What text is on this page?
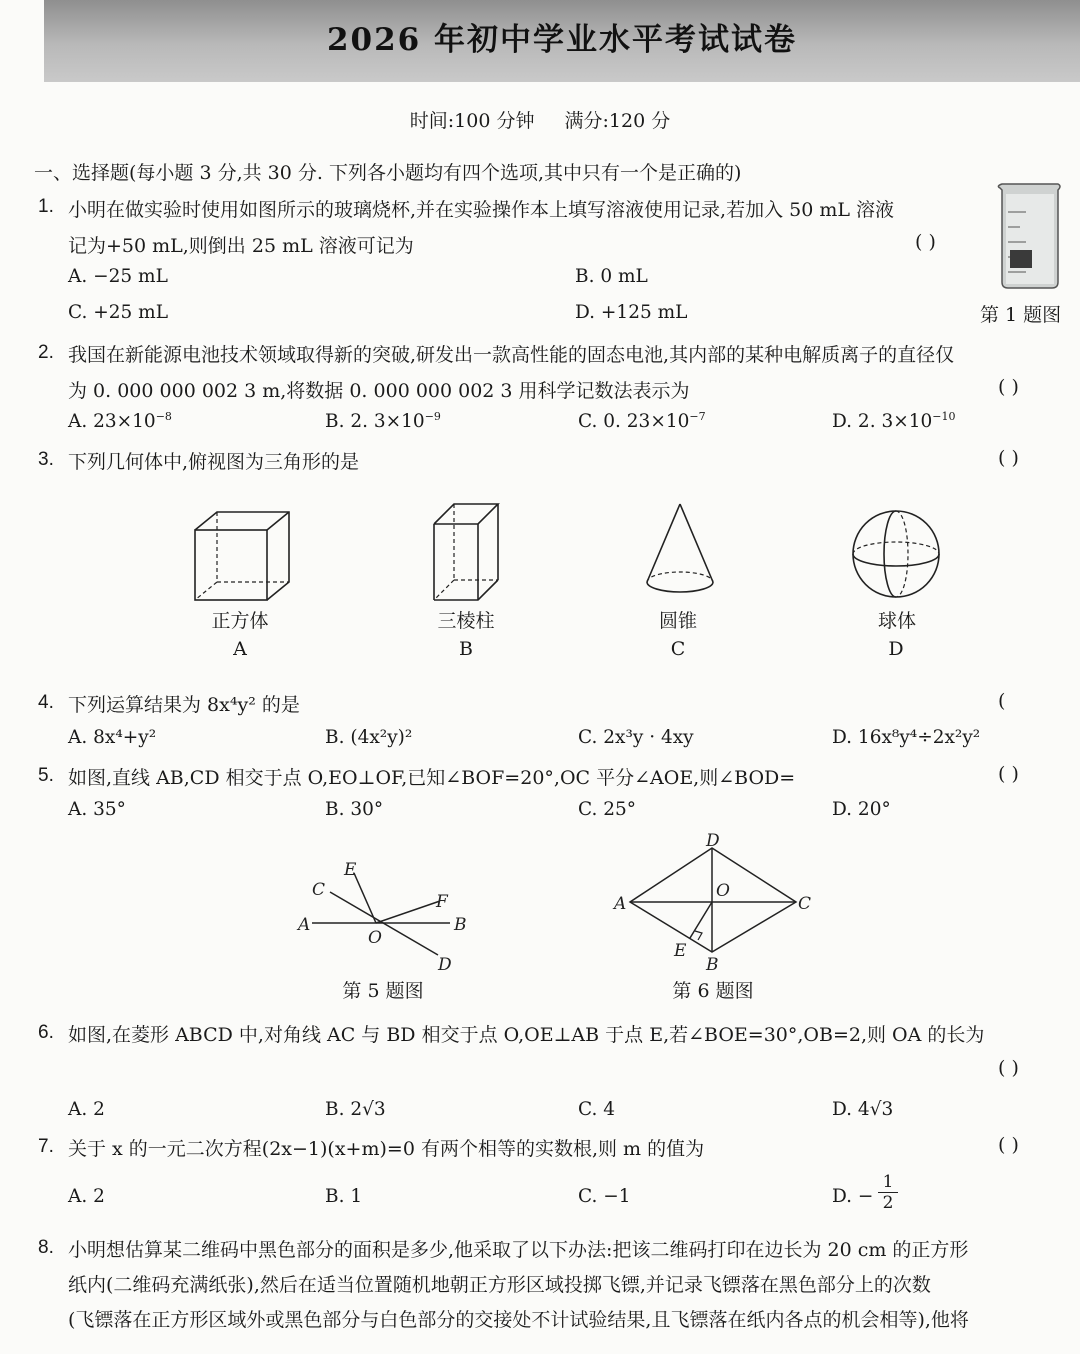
2026 年初中学业水平考试试卷
时间:100 分钟 满分:120 分
一、选择题(每小题 3 分,共 30 分. 下列各小题均有四个选项,其中只有一个是正确的)
1. 小明在做实验时使用如图所示的玻璃烧杯,并在实验操作本上填写溶液使用记录,若加入 50 mL 溶液
记为+50 mL,则倒出 25 mL 溶液可记为	( )
A. −25 mL	B. 0 mL
C. +25 mL	D. +125 mL	第 1 题图
2. 我国在新能源电池技术领域取得新的突破,研发出一款高性能的固态电池,其内部的某种电解质离子的直径仅
为 0. 000 000 002 3 m,将数据 0. 000 000 002 3 用科学记数法表示为	( )
A. $23\times 10^{-8}$	B. 2. $3\times 10^{-9}$	C. 0. $23\times 10^{-7}$	D. 2. $3\times 10^{-10}$
3. 下列几何体中,俯视图为三角形的是	( )
正方体
A
三棱柱
B
圆锥
C
球体
D
4. 下列运算结果为 8x⁴y² 的是	(
A. 8x⁴+y²	B. (4x²y)²	C. 2x³y · 4xy	D. 16x⁸y⁴÷2x²y²
5. 如图,直线 AB,CD 相交于点 O,EO⊥OF,已知∠BOF=20°,OC 平分∠AOE,则∠BOD=	( )
A. 35°	B. 30°	C. 25°	D. 20°
A	B
C
D
E
F
O
第 5 题图
D
A	C
B
E
O
第 6 题图
6. 如图,在菱形 ABCD 中,对角线 AC 与 BD 相交于点 O,OE⊥AB 于点 E,若∠BOE=30°,OB=2,则 OA 的长为
( )
A. 2	B. 2√3	C. 4	D. 4√3
7. 关于 x 的一元二次方程(2x−1)(x+m)=0 有两个相等的实数根,则 m 的值为	( )
A. 2	B. 1	C. −1	D. − $\frac{1}{2}$
8. 小明想估算某二维码中黑色部分的面积是多少,他采取了以下办法:把该二维码打印在边长为 20 cm 的正方形
纸内(二维码充满纸张),然后在适当位置随机地朝正方形区域投掷飞镖,并记录飞镖落在黑色部分上的次数
(飞镖落在正方形区域外或黑色部分与白色部分的交接处不计试验结果,且飞镖落在纸内各点的机会相等),他将
